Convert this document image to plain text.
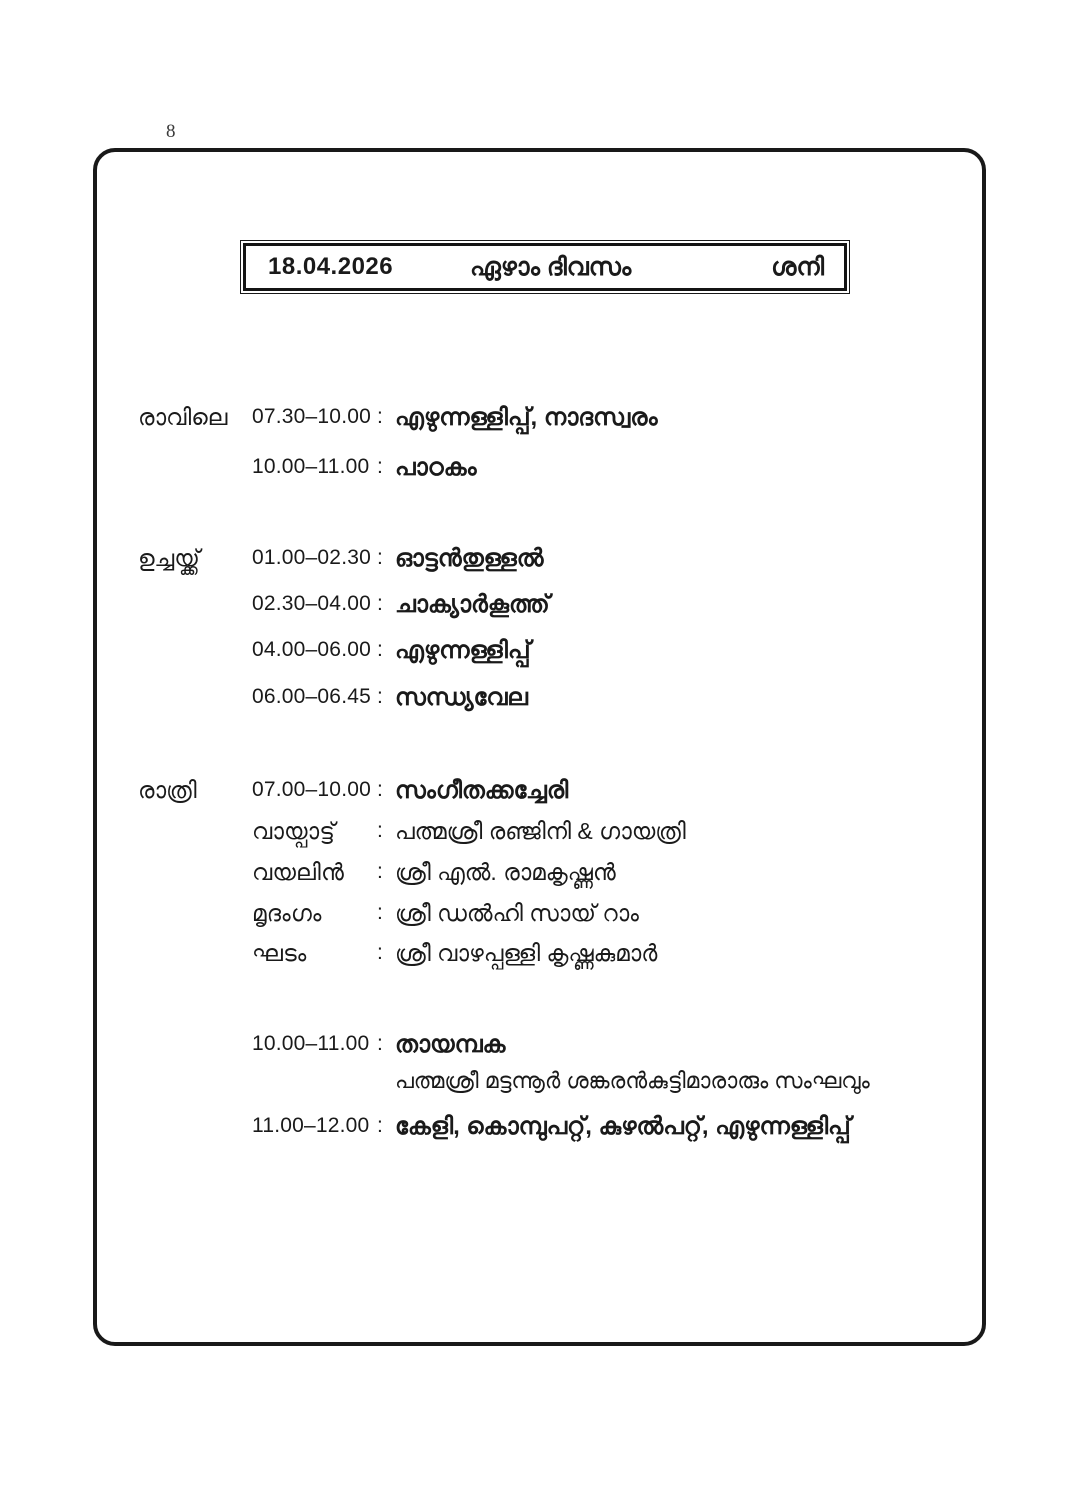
8
18.04.2026	ഏഴാം ദിവസം	ശനി
രാവിലെ	07.30–10.00 : എഴുന്നള്ളിപ്പ്, നാദസ്വരം
10.00–11.00 : പാഠകം
ഉച്ചയ്ക്ക്	01.00–02.30 : ഓട്ടൻതുള്ളൽ
02.30–04.00 : ചാക്യാർകൂത്ത്
04.00–06.00 : എഴുന്നള്ളിപ്പ്
06.00–06.45 : സന്ധ്യവേല
രാത്രി	07.00–10.00 : സംഗീതക്കച്ചേരി
വായ്പാട്ട് : പത്മശ്രീ രഞ്ജിനി & ഗായത്രി
വയലിൻ : ശ്രീ എൽ. രാമകൃഷ്ണൻ
മൃദംഗം	: ശ്രീ ഡൽഹി സായ് റാം
ഘടം	: ശ്രീ വാഴപ്പള്ളി കൃഷ്ണകുമാർ
10.00–11.00 : തായമ്പക
പത്മശ്രീ മട്ടന്നൂർ ശങ്കരൻകുട്ടിമാരാരും സംഘവും
11.00–12.00 : കേളി, കൊമ്പുപറ്റ്, കുഴൽപറ്റ്, എഴുന്നള്ളിപ്പ്
